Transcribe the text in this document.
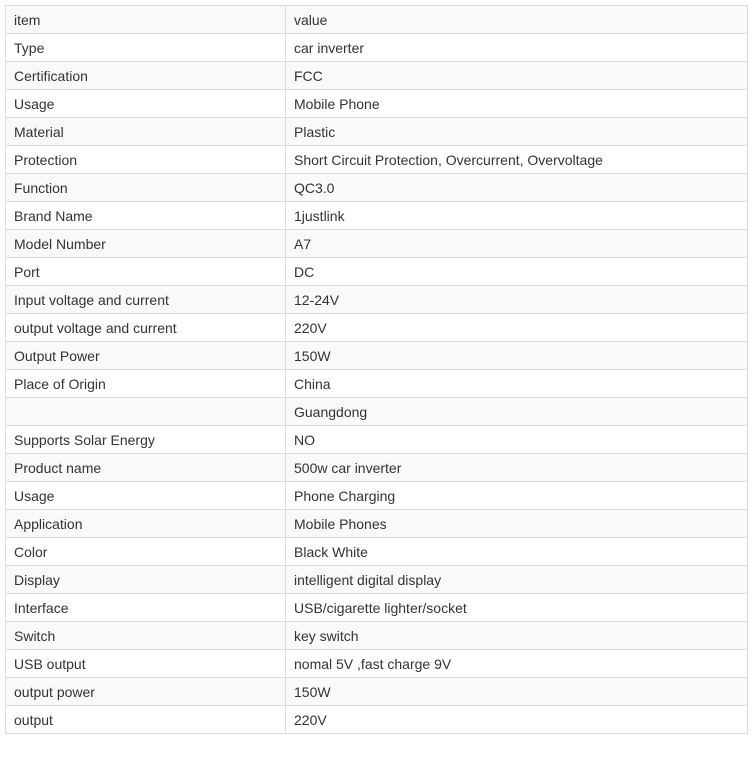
item	value
Type	car inverter
Certification	FCC
Usage	Mobile Phone
Material	Plastic
Protection	Short Circuit Protection, Overcurrent, Overvoltage
Function	QC3.0
Brand Name	1justlink
Model Number	A7
Port	DC
Input voltage and current	12-24V
output voltage and current	220V
Output Power	150W
Place of Origin	China
	Guangdong
Supports Solar Energy	NO
Product name	500w car inverter
Usage	Phone Charging
Application	Mobile Phones
Color	Black White
Display	intelligent digital display
Interface	USB/cigarette lighter/socket
Switch	key switch
USB output	nomal 5V ,fast charge 9V
output power	150W
output	220V
